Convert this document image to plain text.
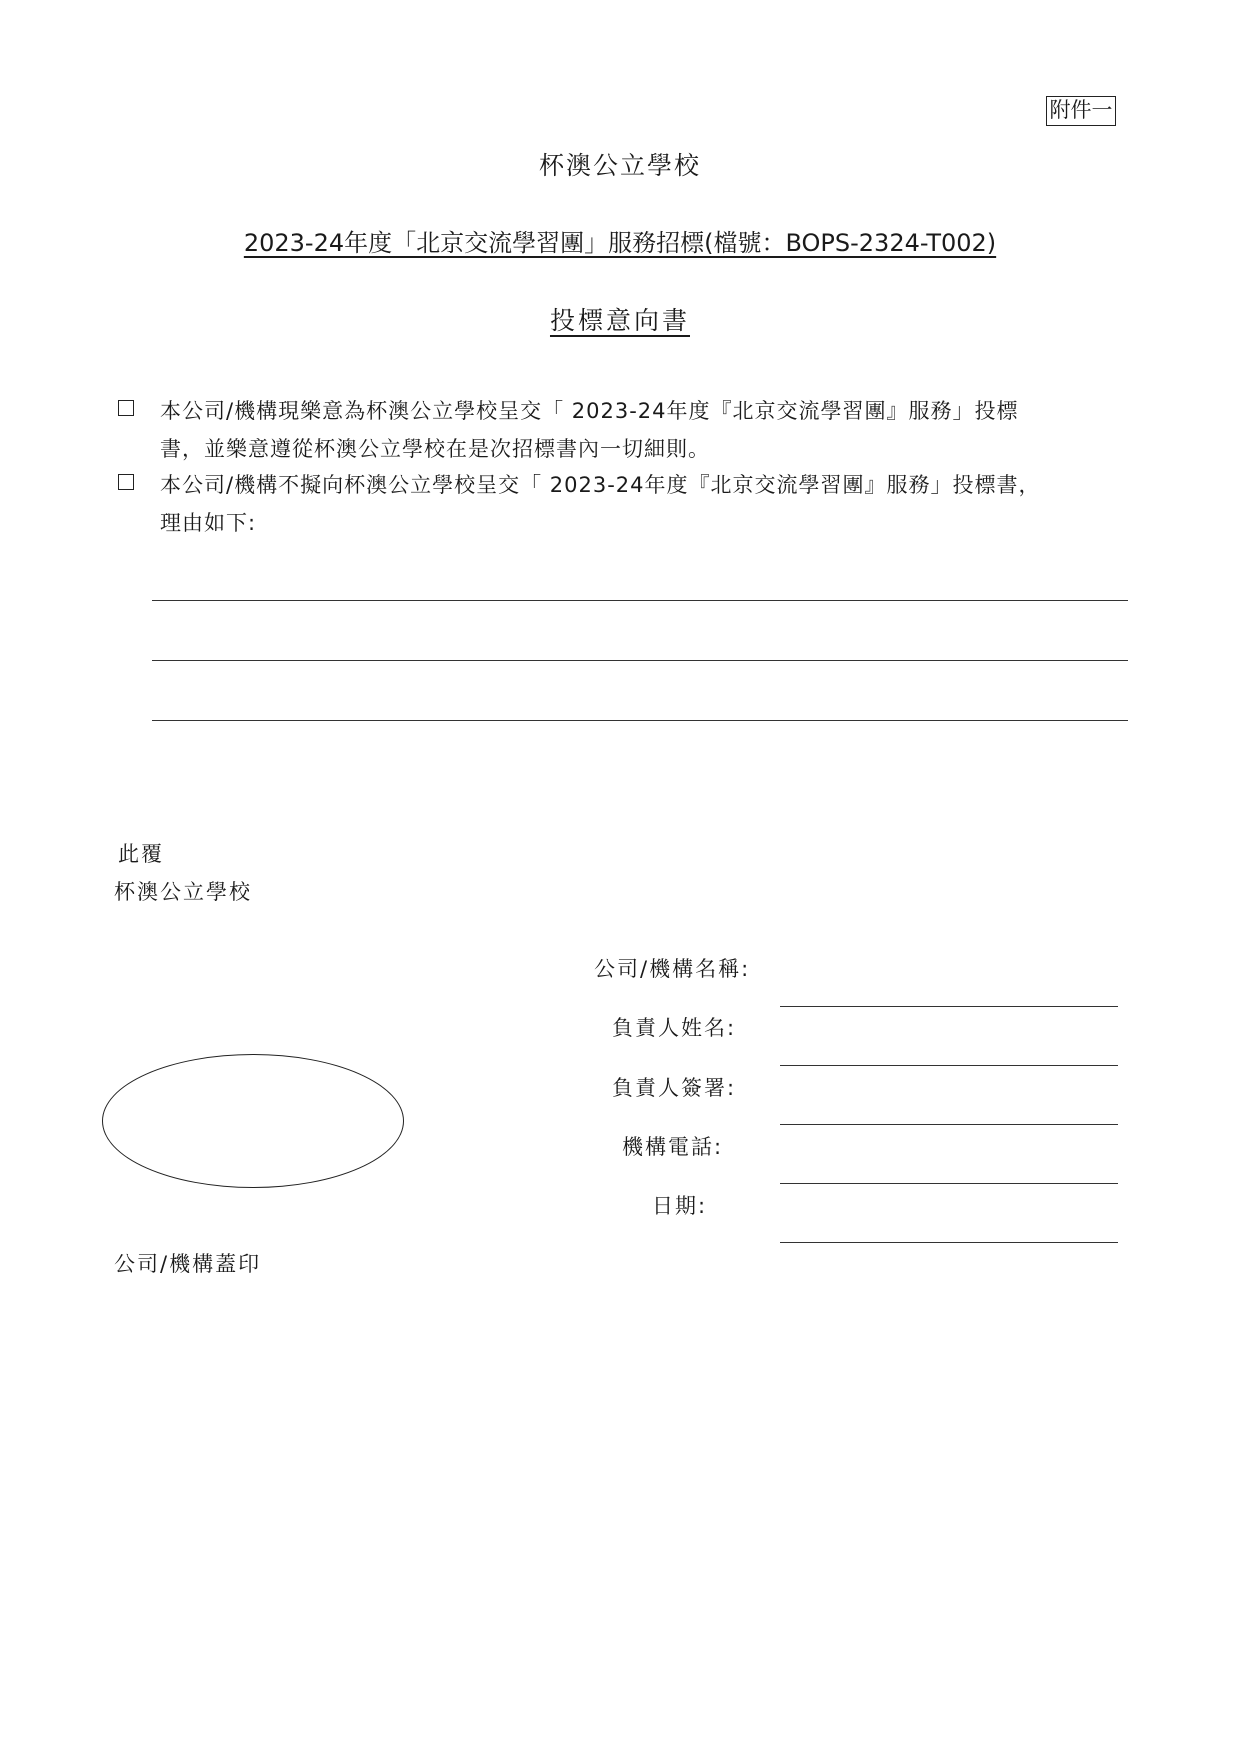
附件一
杯澳公立學校
2023-24年度「北京交流學習團」服務招標(檔號：BOPS-2324-T002)
投標意向書
本公司/機構現樂意為杯澳公立學校呈交「 2023-24年度『北京交流學習團』服務」投標
書，並樂意遵從杯澳公立學校在是次招標書內一切細則。
本公司/機構不擬向杯澳公立學校呈交「 2023-24年度『北京交流學習團』服務」投標書，
理由如下:
此覆
杯澳公立學校
公司/機構名稱:
負責人姓名:
負責人簽署:
機構電話:
日期:
公司/機構蓋印
